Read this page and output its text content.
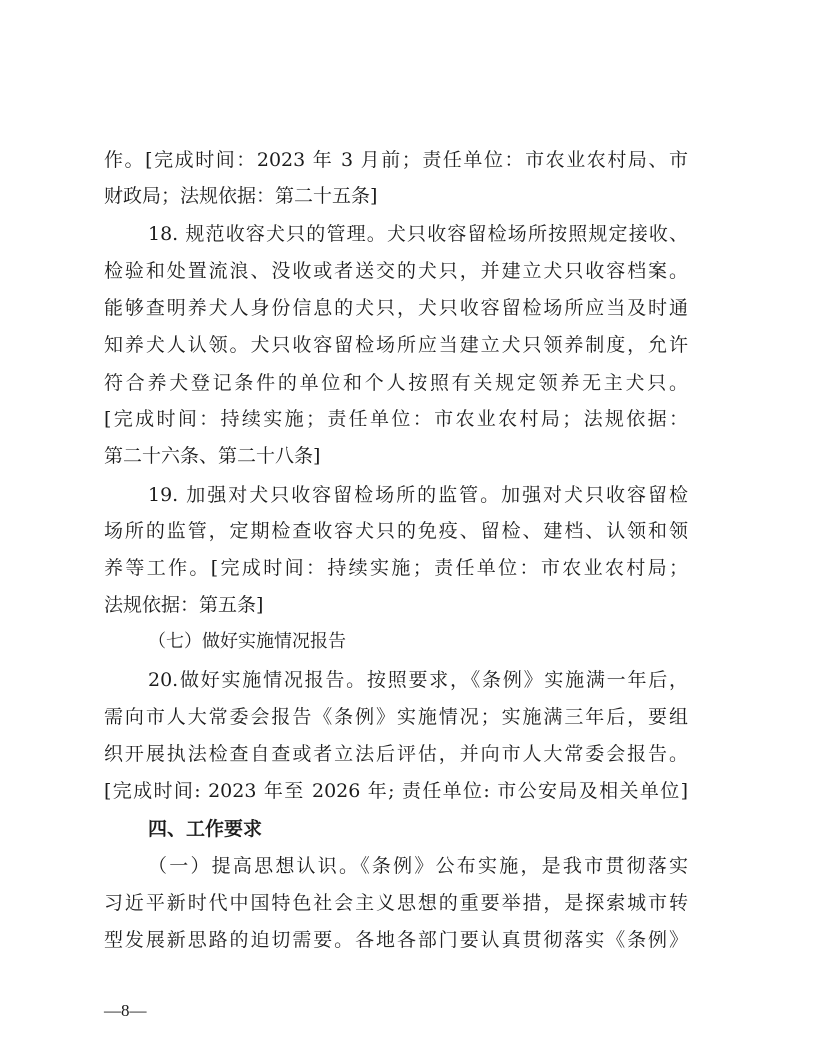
作。[完成时间：2023 年 3 月前；责任单位：市农业农村局、市
财政局；法规依据：第二十五条]
18. 规范收容犬只的管理。犬只收容留检场所按照规定接收、
检验和处置流浪、没收或者送交的犬只，并建立犬只收容档案。
能够查明养犬人身份信息的犬只，犬只收容留检场所应当及时通
知养犬人认领。犬只收容留检场所应当建立犬只领养制度，允许
符合养犬登记条件的单位和个人按照有关规定领养无主犬只。
[完成时间：持续实施；责任单位：市农业农村局；法规依据：
第二十六条、第二十八条]
19. 加强对犬只收容留检场所的监管。加强对犬只收容留检
场所的监管，定期检查收容犬只的免疫、留检、建档、认领和领
养等工作。[完成时间：持续实施；责任单位：市农业农村局；
法规依据：第五条]
（七）做好实施情况报告
20.做好实施情况报告。按照要求，《条例》实施满一年后，
需向市人大常委会报告《条例》实施情况；实施满三年后，要组
织开展执法检查自查或者立法后评估，并向市人大常委会报告。
[完成时间: 2023 年至 2026 年; 责任单位: 市公安局及相关单位]
四、工作要求
（一）提高思想认识。《条例》公布实施，是我市贯彻落实
习近平新时代中国特色社会主义思想的重要举措，是探索城市转
型发展新思路的迫切需要。各地各部门要认真贯彻落实《条例》
—8—
